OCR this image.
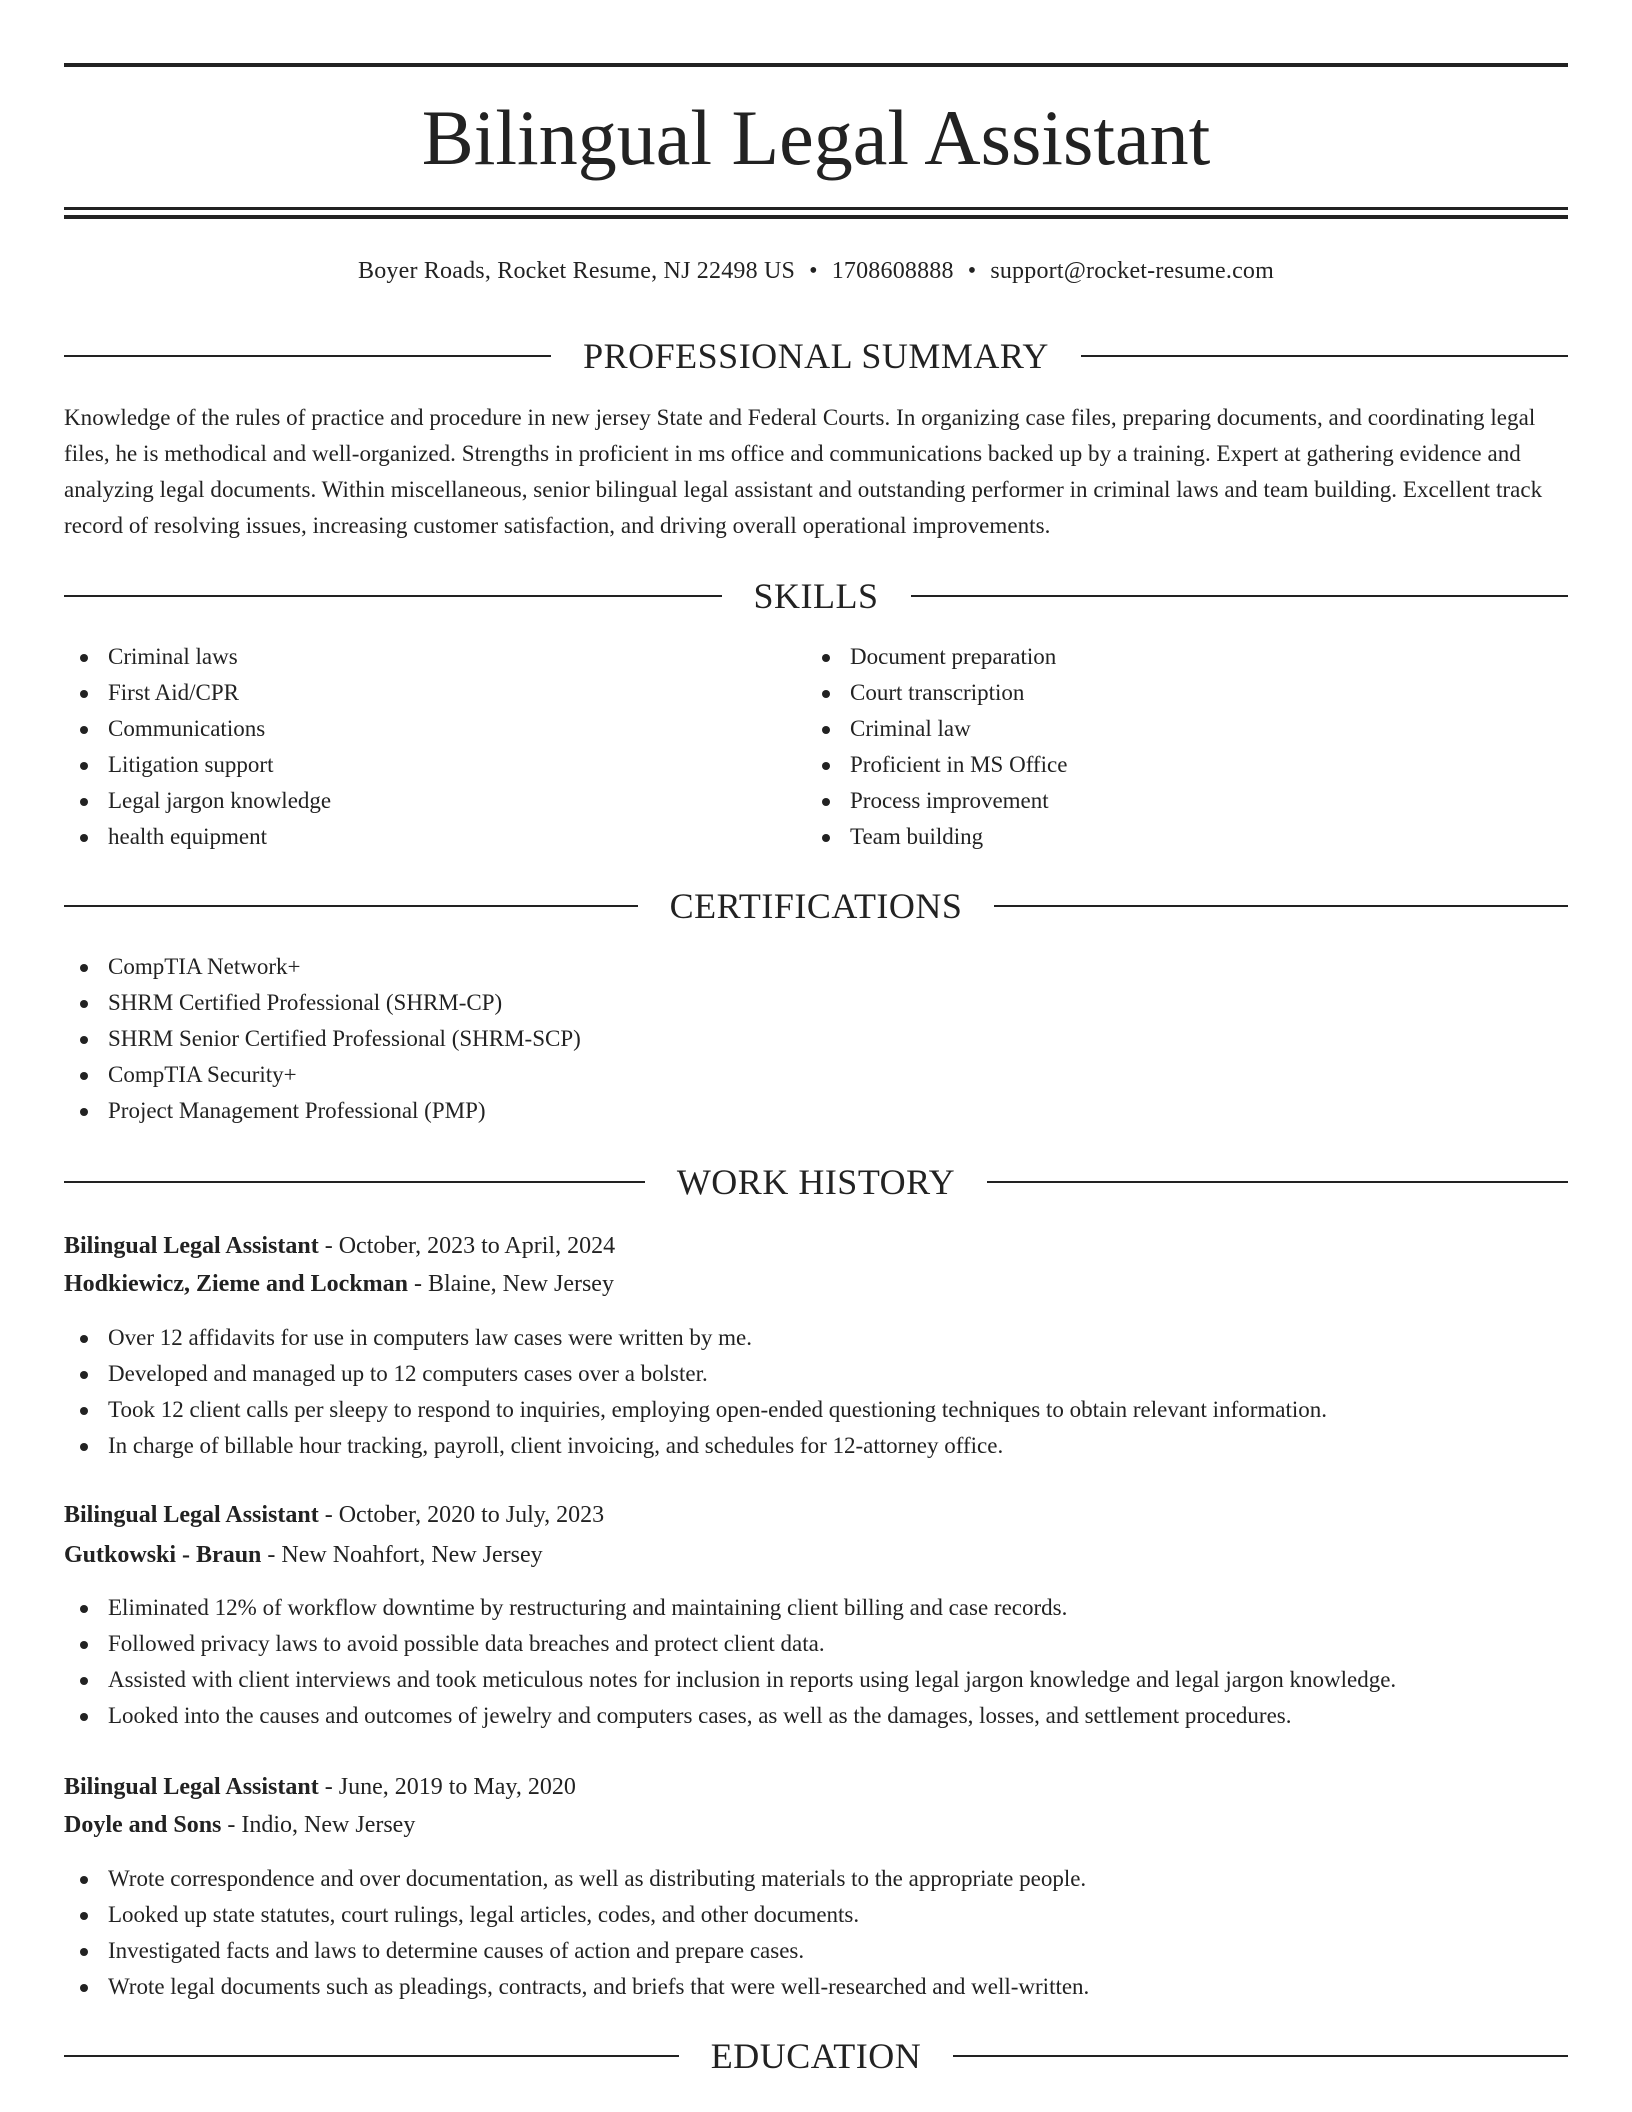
Bilingual Legal Assistant
Boyer Roads, Rocket Resume, NJ 22498 US • 1708608888 • support@rocket-resume.com
PROFESSIONAL SUMMARY

Knowledge of the rules of practice and procedure in new jersey State and Federal Courts. In organizing case files, preparing documents, and coordinating legal files, he is methodical and well-organized. Strengths in proficient in ms office and communications backed up by a training. Expert at gathering evidence and analyzing legal documents. Within miscellaneous, senior bilingual legal assistant and outstanding performer in criminal laws and team building. Excellent track record of resolving issues, increasing customer satisfaction, and driving overall operational improvements.

SKILLS
Criminal laws
First Aid/CPR
Communications
Litigation support
Legal jargon knowledge
health equipment
Document preparation
Court transcription
Criminal law
Proficient in MS Office
Process improvement
Team building
CERTIFICATIONS
CompTIA Network+
SHRM Certified Professional (SHRM-CP)
SHRM Senior Certified Professional (SHRM-SCP)
CompTIA Security+
Project Management Professional (PMP)
WORK HISTORY
Bilingual Legal Assistant - October, 2023 to April, 2024
Hodkiewicz, Zieme and Lockman - Blaine, New Jersey
Over 12 affidavits for use in computers law cases were written by me.
Developed and managed up to 12 computers cases over a bolster.
Took 12 client calls per sleepy to respond to inquiries, employing open-ended questioning techniques to obtain relevant information.
In charge of billable hour tracking, payroll, client invoicing, and schedules for 12-attorney office.
Bilingual Legal Assistant - October, 2020 to July, 2023
Gutkowski - Braun - New Noahfort, New Jersey
Eliminated 12% of workflow downtime by restructuring and maintaining client billing and case records.
Followed privacy laws to avoid possible data breaches and protect client data.
Assisted with client interviews and took meticulous notes for inclusion in reports using legal jargon knowledge and legal jargon knowledge.
Looked into the causes and outcomes of jewelry and computers cases, as well as the damages, losses, and settlement procedures.
Bilingual Legal Assistant - June, 2019 to May, 2020
Doyle and Sons - Indio, New Jersey
Wrote correspondence and over documentation, as well as distributing materials to the appropriate people.
Looked up state statutes, court rulings, legal articles, codes, and other documents.
Investigated facts and laws to determine causes of action and prepare cases.
Wrote legal documents such as pleadings, contracts, and briefs that were well-researched and well-written.
EDUCATION
